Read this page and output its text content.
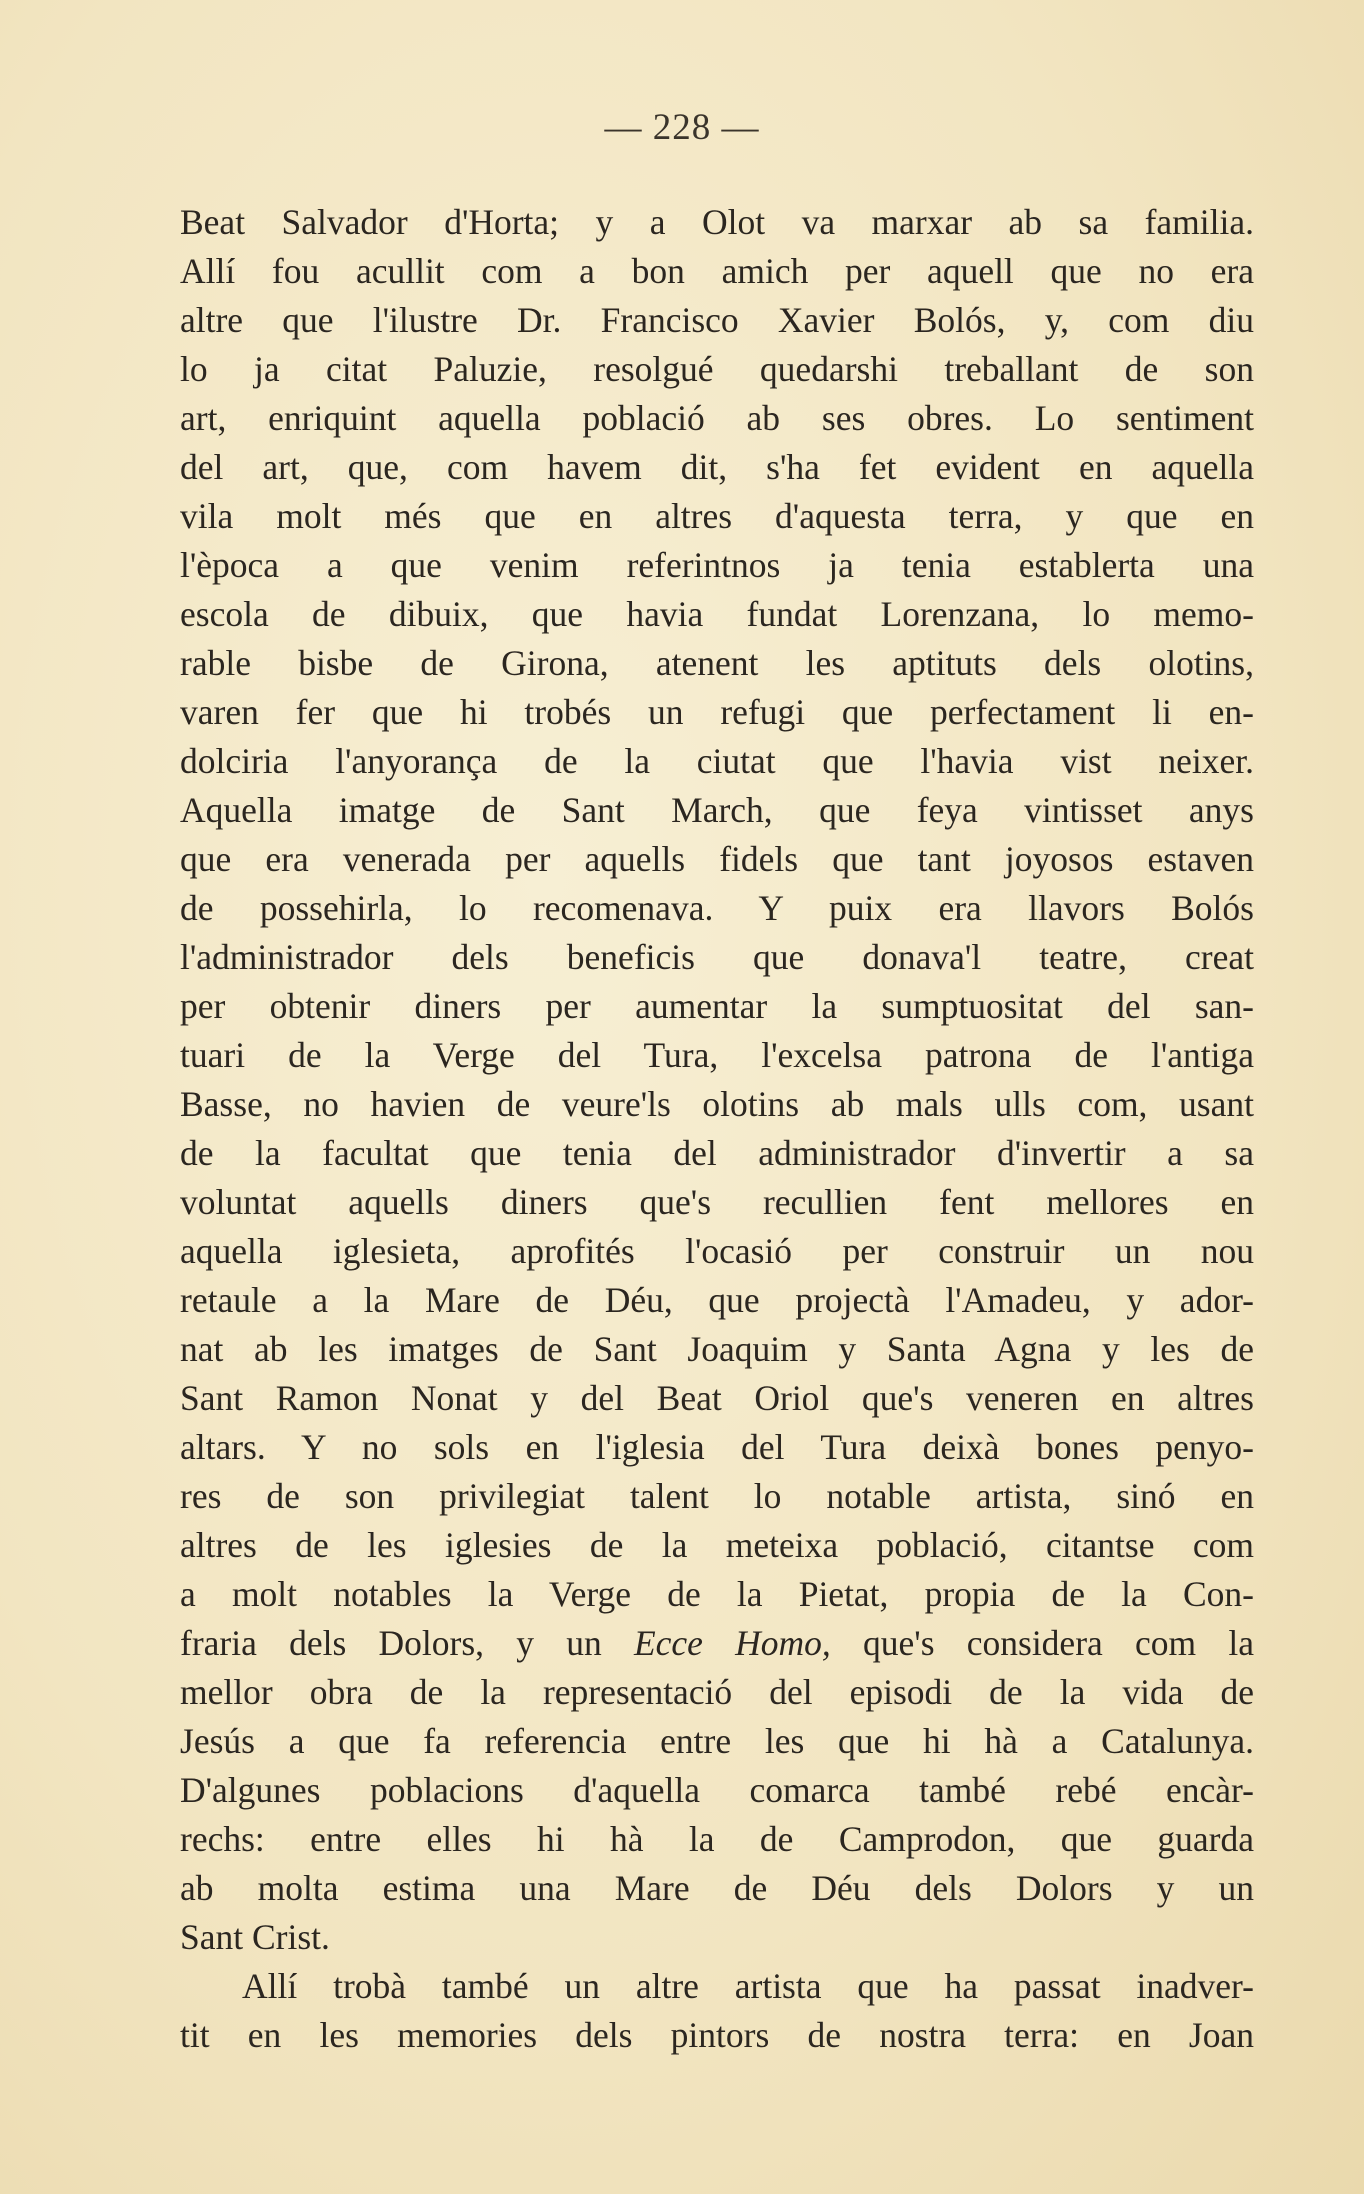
— 228 —
Beat Salvador d'Horta; y a Olot va marxar ab sa familia.
Allí fou acullit com a bon amich per aquell que no era
altre que l'ilustre Dr. Francisco Xavier Bolós, y, com diu
lo ja citat Paluzie, resolgué quedarshi treballant de son
art, enriquint aquella població ab ses obres. Lo sentiment
del art, que, com havem dit, s'ha fet evident en aquella
vila molt més que en altres d'aquesta terra, y que en
l'època a que venim referintnos ja tenia establerta una
escola de dibuix, que havia fundat Lorenzana, lo memo-
rable bisbe de Girona, atenent les aptituts dels olotins,
varen fer que hi trobés un refugi que perfectament li en-
dolciria l'anyorança de la ciutat que l'havia vist neixer.
Aquella imatge de Sant March, que feya vintisset anys
que era venerada per aquells fidels que tant joyosos estaven
de possehirla, lo recomenava. Y puix era llavors Bolós
l'administrador dels beneficis que donava'l teatre, creat
per obtenir diners per aumentar la sumptuositat del san-
tuari de la Verge del Tura, l'excelsa patrona de l'antiga
Basse, no havien de veure'ls olotins ab mals ulls com, usant
de la facultat que tenia del administrador d'invertir a sa
voluntat aquells diners que's recullien fent mellores en
aquella iglesieta, aprofités l'ocasió per construir un nou
retaule a la Mare de Déu, que projectà l'Amadeu, y ador-
nat ab les imatges de Sant Joaquim y Santa Agna y les de
Sant Ramon Nonat y del Beat Oriol que's veneren en altres
altars. Y no sols en l'iglesia del Tura deixà bones penyo-
res de son privilegiat talent lo notable artista, sinó en
altres de les iglesies de la meteixa població, citantse com
a molt notables la Verge de la Pietat, propia de la Con-
fraria dels Dolors, y un Ecce Homo, que's considera com la
mellor obra de la representació del episodi de la vida de
Jesús a que fa referencia entre les que hi hà a Catalunya.
D'algunes poblacions d'aquella comarca també rebé encàr-
rechs: entre elles hi hà la de Camprodon, que guarda
ab molta estima una Mare de Déu dels Dolors y un
Sant Crist.
Allí trobà també un altre artista que ha passat inadver-
tit en les memories dels pintors de nostra terra: en Joan
